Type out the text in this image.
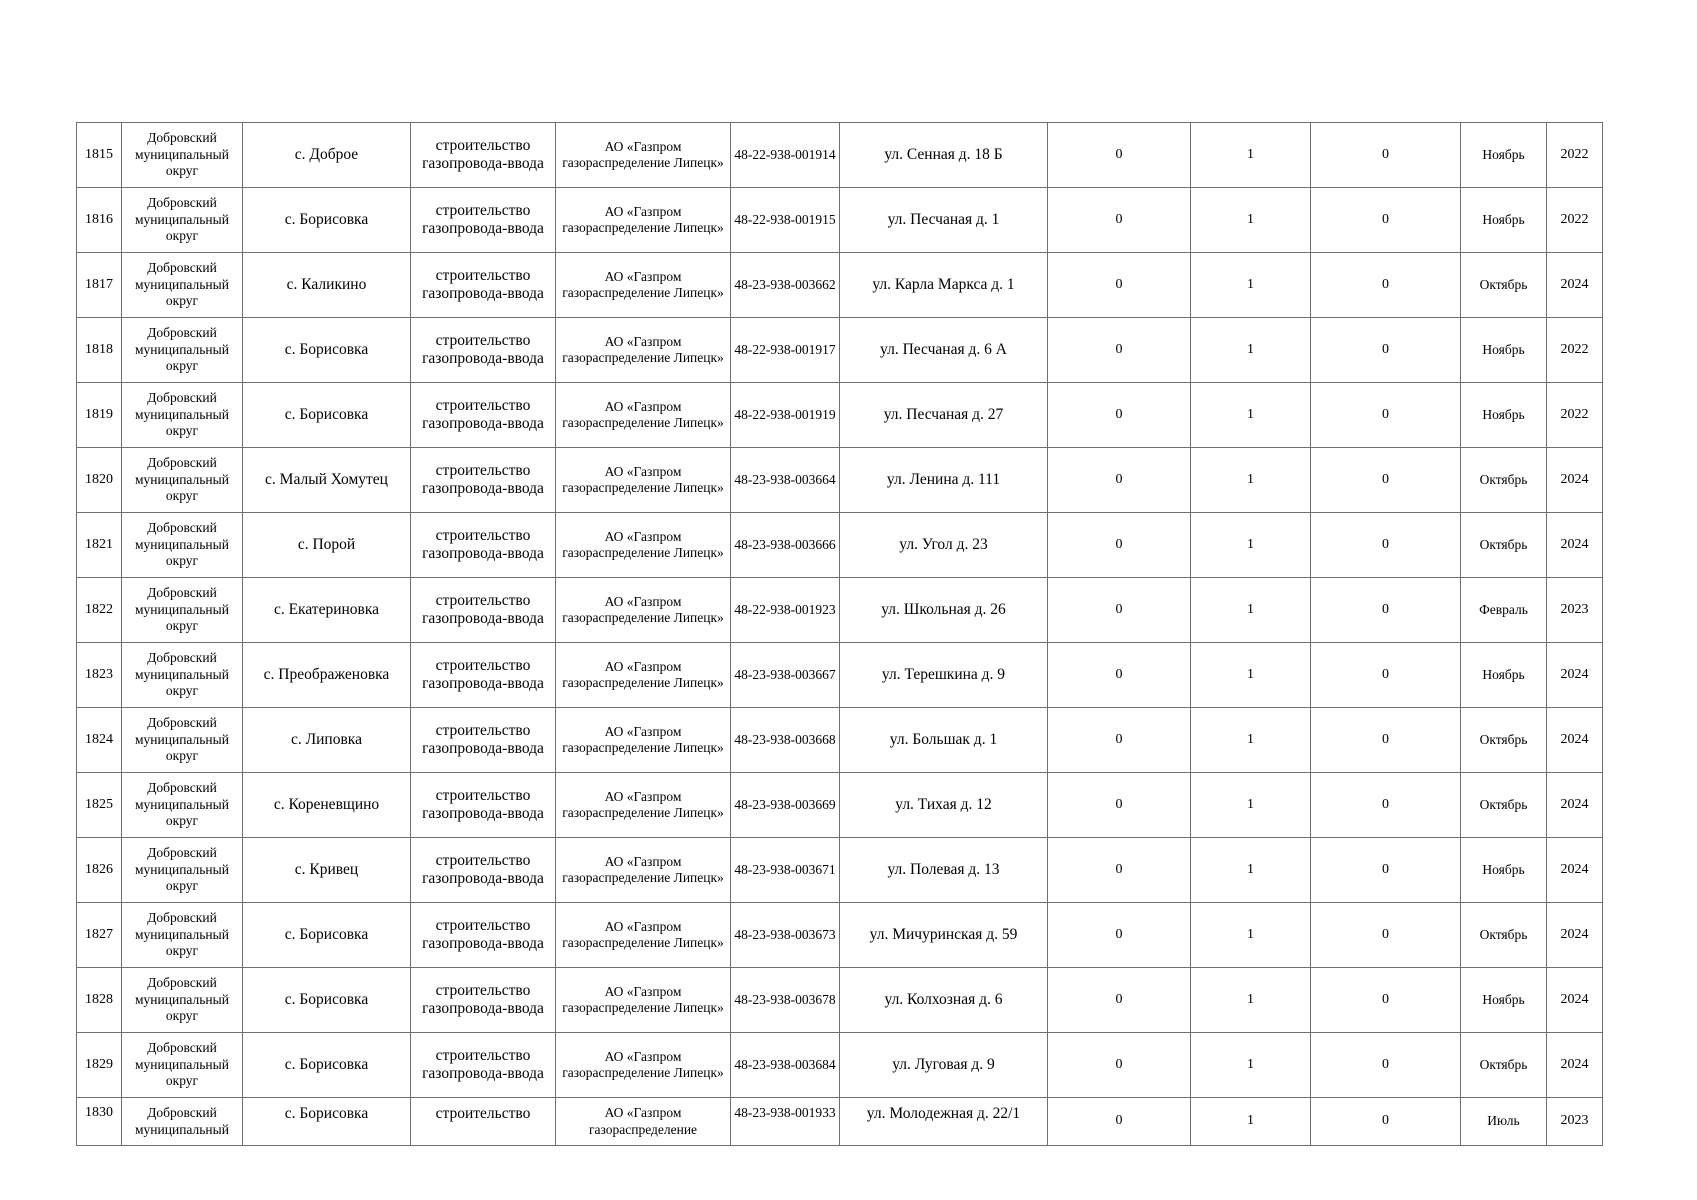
1815	Добровский муниципальный округ	с. Доброе	строительство газопровода-ввода	АО «Газпром газораспределение Липецк»	48-22-938-001914	ул. Сенная д. 18 Б	0	1	0	Ноябрь	2022
1816	Добровский муниципальный округ	с. Борисовка	строительство газопровода-ввода	АО «Газпром газораспределение Липецк»	48-22-938-001915	ул. Песчаная д. 1	0	1	0	Ноябрь	2022
1817	Добровский муниципальный округ	с. Каликино	строительство газопровода-ввода	АО «Газпром газораспределение Липецк»	48-23-938-003662	ул. Карла Маркса д. 1	0	1	0	Октябрь	2024
1818	Добровский муниципальный округ	с. Борисовка	строительство газопровода-ввода	АО «Газпром газораспределение Липецк»	48-22-938-001917	ул. Песчаная д. 6 А	0	1	0	Ноябрь	2022
1819	Добровский муниципальный округ	с. Борисовка	строительство газопровода-ввода	АО «Газпром газораспределение Липецк»	48-22-938-001919	ул. Песчаная д. 27	0	1	0	Ноябрь	2022
1820	Добровский муниципальный округ	с. Малый Хомутец	строительство газопровода-ввода	АО «Газпром газораспределение Липецк»	48-23-938-003664	ул. Ленина д. 111	0	1	0	Октябрь	2024
1821	Добровский муниципальный округ	с. Порой	строительство газопровода-ввода	АО «Газпром газораспределение Липецк»	48-23-938-003666	ул. Угол д. 23	0	1	0	Октябрь	2024
1822	Добровский муниципальный округ	с. Екатериновка	строительство газопровода-ввода	АО «Газпром газораспределение Липецк»	48-22-938-001923	ул. Школьная д. 26	0	1	0	Февраль	2023
1823	Добровский муниципальный округ	с. Преображеновка	строительство газопровода-ввода	АО «Газпром газораспределение Липецк»	48-23-938-003667	ул. Терешкина д. 9	0	1	0	Ноябрь	2024
1824	Добровский муниципальный округ	с. Липовка	строительство газопровода-ввода	АО «Газпром газораспределение Липецк»	48-23-938-003668	ул. Большак д. 1	0	1	0	Октябрь	2024
1825	Добровский муниципальный округ	с. Кореневщино	строительство газопровода-ввода	АО «Газпром газораспределение Липецк»	48-23-938-003669	ул. Тихая д. 12	0	1	0	Октябрь	2024
1826	Добровский муниципальный округ	с. Кривец	строительство газопровода-ввода	АО «Газпром газораспределение Липецк»	48-23-938-003671	ул. Полевая д. 13	0	1	0	Ноябрь	2024
1827	Добровский муниципальный округ	с. Борисовка	строительство газопровода-ввода	АО «Газпром газораспределение Липецк»	48-23-938-003673	ул. Мичуринская д. 59	0	1	0	Октябрь	2024
1828	Добровский муниципальный округ	с. Борисовка	строительство газопровода-ввода	АО «Газпром газораспределение Липецк»	48-23-938-003678	ул. Колхозная д. 6	0	1	0	Ноябрь	2024
1829	Добровский муниципальный округ	с. Борисовка	строительство газопровода-ввода	АО «Газпром газораспределение Липецк»	48-23-938-003684	ул. Луговая д. 9	0	1	0	Октябрь	2024
1830	Добровский муниципальный	с. Борисовка	строительство	АО «Газпром газораспределение	48-23-938-001933	ул. Молодежная д. 22/1	0	1	0	Июль	2023
